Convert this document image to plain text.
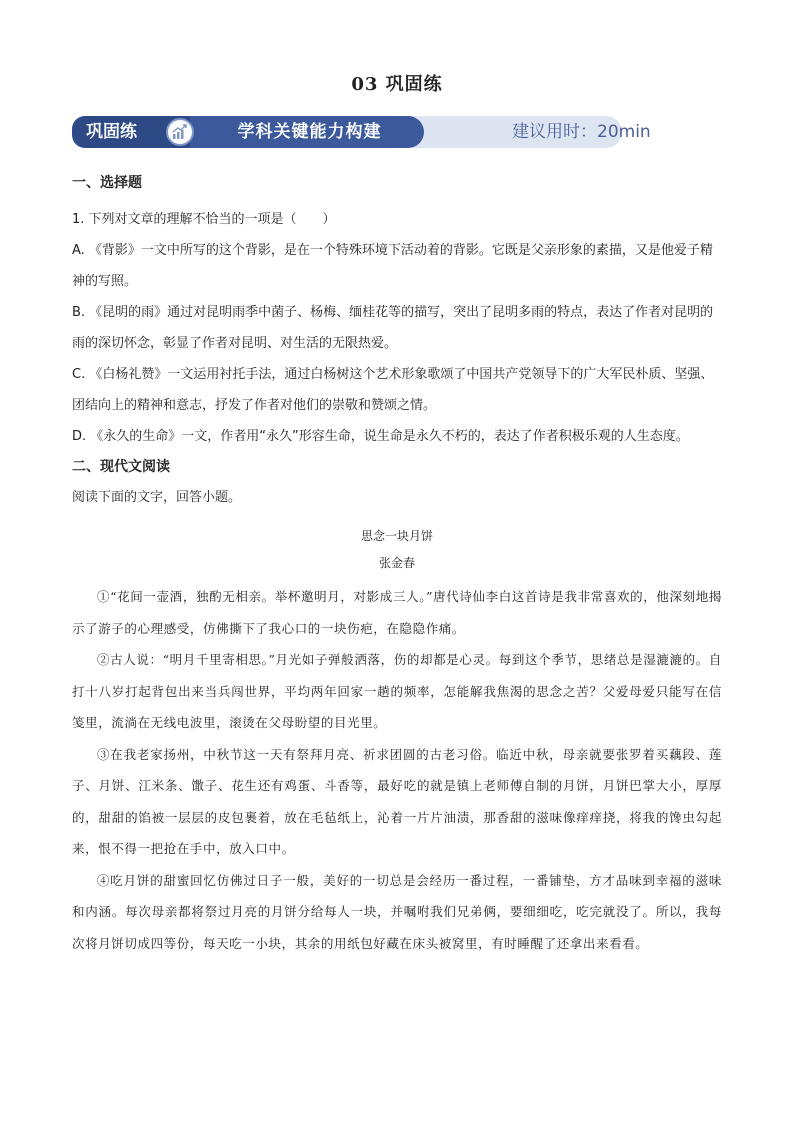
03 巩固练
建议用时：20min
学科关键能力构建
巩固练

一、选择题

1. 下列对文章的理解不恰当的一项是（　　）

A. 《背影》一文中所写的这个背影，是在一个特殊环境下活动着的背影。它既是父亲形象的素描，又是他爱子精神的写照。

B. 《昆明的雨》通过对昆明雨季中菌子、杨梅、缅桂花等的描写，突出了昆明多雨的特点，表达了作者对昆明的雨的深切怀念，彰显了作者对昆明、对生活的无限热爱。

C. 《白杨礼赞》一文运用衬托手法，通过白杨树这个艺术形象歌颂了中国共产党领导下的广大军民朴质、坚强、团结向上的精神和意志，抒发了作者对他们的崇敬和赞颂之情。

D. 《永久的生命》一文，作者用“永久”形容生命，说生命是永久不朽的，表达了作者积极乐观的人生态度。

二、现代文阅读

阅读下面的文字，回答小题。

思念一块月饼

张金春

①“花间一壶酒，独酌无相亲。举杯邀明月，对影成三人。”唐代诗仙李白这首诗是我非常喜欢的，他深刻地揭示了游子的心理感受，仿佛撕下了我心口的一块伤疤，在隐隐作痛。

②古人说：“明月千里寄相思。”月光如子弹般洒落，伤的却都是心灵。每到这个季节，思绪总是湿漉漉的。自打十八岁打起背包出来当兵闯世界，平均两年回家一趟的频率，怎能解我焦渴的思念之苦？父爱母爱只能写在信笺里，流淌在无线电波里，滚烫在父母盼望的目光里。

③在我老家扬州，中秋节这一天有祭拜月亮、祈求团圆的古老习俗。临近中秋，母亲就要张罗着买藕段、莲子、月饼、江米条、馓子、花生还有鸡蛋、斗香等，最好吃的就是镇上老师傅自制的月饼，月饼巴掌大小，厚厚的，甜甜的馅被一层层的皮包裹着，放在毛毡纸上，沁着一片片油渍，那香甜的滋味像痒痒挠，将我的馋虫勾起来，恨不得一把抢在手中，放入口中。

④吃月饼的甜蜜回忆仿佛过日子一般，美好的一切总是会经历一番过程，一番铺垫，方才品味到幸福的滋味和内涵。每次母亲都将祭过月亮的月饼分给每人一块，并嘱咐我们兄弟俩，要细细吃，吃完就没了。所以，我每次将月饼切成四等份，每天吃一小块，其余的用纸包好藏在床头被窝里，有时睡醒了还拿出来看看。
